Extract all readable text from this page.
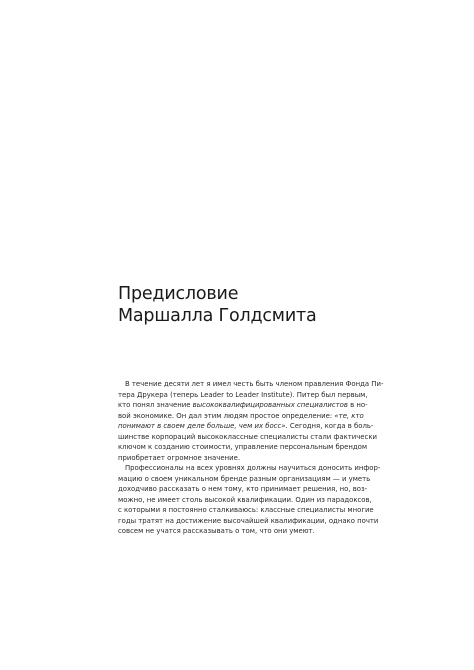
Предисловие
Маршалла Голдсмита
В течение десяти лет я имел честь быть членом правления Фонда Пи-
тера Друкера (теперь Leader to Leader Institute). Питер был первым,
кто понял значение высококвалифицированных специалистов в но-
вой экономике. Он дал этим людям простое определение: «те, кто
понимают в своем деле больше, чем их босс». Сегодня, когда в боль-
шинстве корпораций высококлассные специалисты стали фактически
ключом к созданию стоимости, управление персональным брендом
приобретает огромное значение.
Профессионалы на всех уровнях должны научиться доносить инфор-
мацию о своем уникальном бренде разным организациям — и уметь
доходчиво рассказать о нем тому, кто принимает решения, но, воз-
можно, не имеет столь высокой квалификации. Один из парадоксов,
с которыми я постоянно сталкиваюсь: классные специалисты многие
годы тратят на достижение высочайшей квалификации, однако почти
совсем не учатся рассказывать о том, что они умеют.
